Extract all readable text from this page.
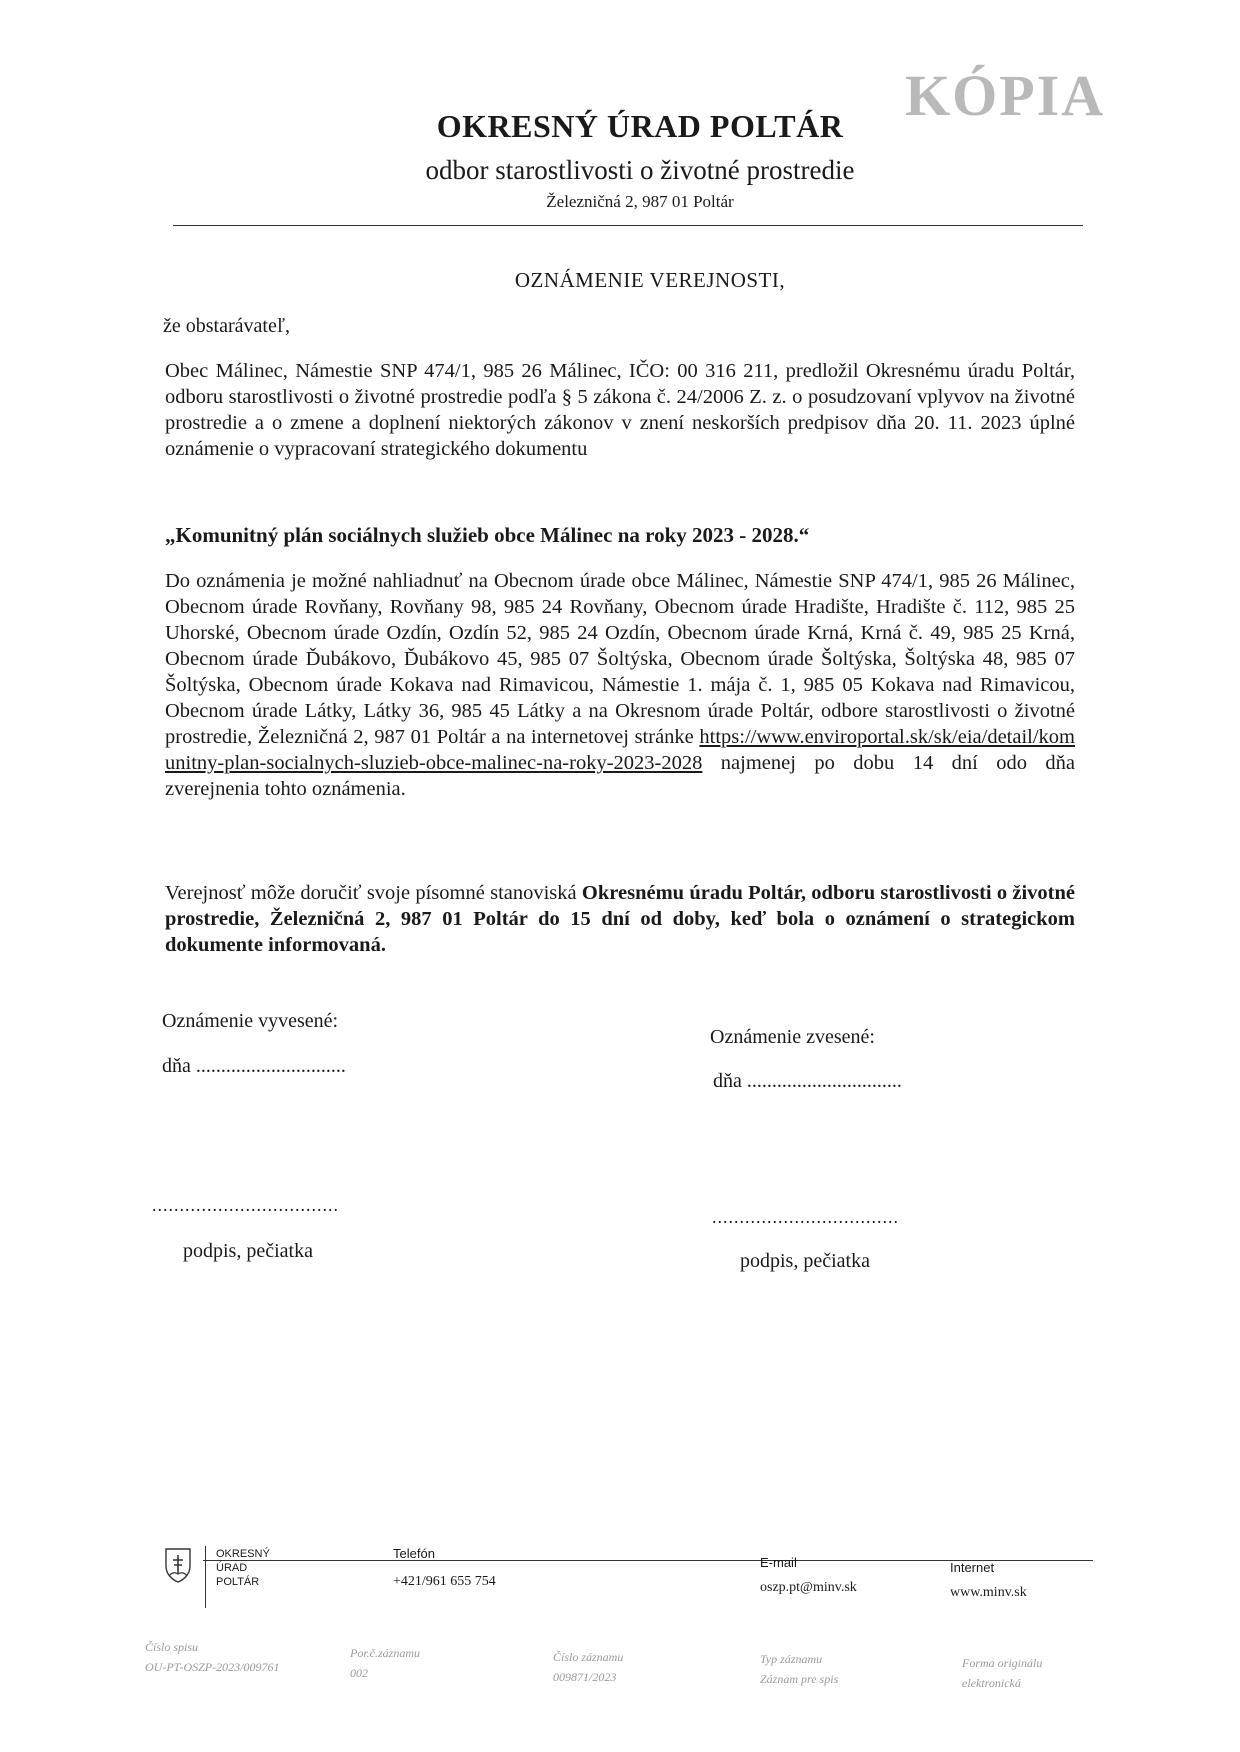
KÓPIA
OKRESNÝ ÚRAD POLTÁR
odbor starostlivosti o životné prostredie
Železničná 2, 987 01 Poltár
OZNÁMENIE VEREJNOSTI,
že obstarávateľ,
Obec Málinec, Námestie SNP 474/1, 985 26 Málinec, IČO: 00 316 211, predložil Okresnému úradu Poltár, odboru starostlivosti o životné prostredie podľa § 5 zákona č. 24/2006 Z. z. o posudzovaní vplyvov na životné prostredie a o zmene a doplnení niektorých zákonov v znení neskorších predpisov dňa 20. 11. 2023 úplné oznámenie o vypracovaní strategického dokumentu
„Komunitný plán sociálnych služieb obce Málinec na roky 2023 - 2028.“
Do oznámenia je možné nahliadnuť na Obecnom úrade obce Málinec, Námestie SNP 474/1, 985 26 Málinec, Obecnom úrade Rovňany, Rovňany 98, 985 24 Rovňany, Obecnom úrade Hradište, Hradište č. 112, 985 25 Uhorské, Obecnom úrade Ozdín, Ozdín 52, 985 24 Ozdín, Obecnom úrade Krná, Krná č. 49, 985 25 Krná, Obecnom úrade Ďubákovo, Ďubákovo 45, 985 07 Šoltýska, Obecnom úrade Šoltýska, Šoltýska 48, 985 07 Šoltýska, Obecnom úrade Kokava nad Rimavicou, Námestie 1. mája č. 1, 985 05 Kokava nad Rimavicou, Obecnom úrade Látky, Látky 36, 985 45 Látky a na Okresnom úrade Poltár, odbore starostlivosti o životné prostredie, Železničná 2, 987 01 Poltár a na internetovej stránke https://www.enviroportal.sk/sk/eia/detail/komunitny-plan-socialnych-sluzieb-obce-malinec-na-roky-2023-2028 najmenej po dobu 14 dní odo dňa zverejnenia tohto oznámenia.
Verejnosť môže doručiť svoje písomné stanoviská Okresnému úradu Poltár, odboru starostlivosti o životné prostredie, Železničná 2, 987 01 Poltár do 15 dní od doby, keď bola o oznámení o strategickom dokumente informovaná.
Oznámenie vyvesené:
dňa ..............................
..................................
podpis, pečiatka
Oznámenie zvesené:
dňa ...............................
..................................
podpis, pečiatka
OKRESNÝ
ÚRAD
POLTÁR
Telefón
+421/961 655 754
E-mail
oszp.pt@minv.sk
Internet
www.minv.sk
Číslo spisu
OU-PT-OSZP-2023/009761
Por.č.záznamu
002
Číslo záznamu
009871/2023
Typ záznamu
Záznam pre spis
Forma originálu
elektronická
